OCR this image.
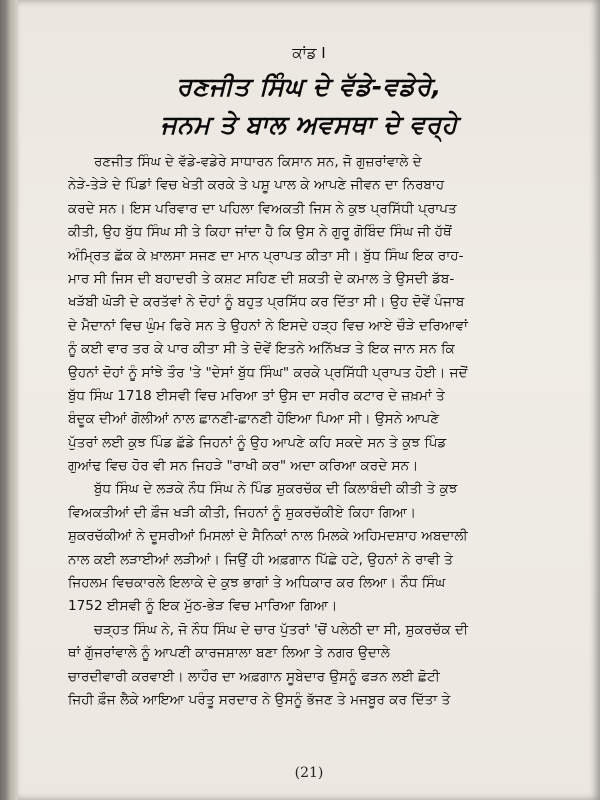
ਕਾਂਡ I
ਰਣਜੀਤ ਸਿੰਘ ਦੇ ਵੱਡੇ-ਵਡੇਰੇ,
ਜਨਮ ਤੇ ਬਾਲ ਅਵਸਥਾ ਦੇ ਵਰ੍ਹੇ
ਰਣਜੀਤ ਸਿੰਘ ਦੇ ਵੱਡੇ-ਵਡੇਰੇ ਸਾਧਾਰਨ ਕਿਸਾਨ ਸਨ, ਜੋ ਗੁਜ਼ਰਾਂਵਾਲੇ ਦੇ
ਨੇੜੇ-ਤੇੜੇ ਦੇ ਪਿੰਡਾਂ ਵਿਚ ਖੇਤੀ ਕਰਕੇ ਤੇ ਪਸ਼ੂ ਪਾਲ ਕੇ ਆਪਣੇ ਜੀਵਨ ਦਾ ਨਿਰਬਾਹ
ਕਰਦੇ ਸਨ। ਇਸ ਪਰਿਵਾਰ ਦਾ ਪਹਿਲਾ ਵਿਅਕਤੀ ਜਿਸ ਨੇ ਕੁਝ ਪ੍ਰਸਿੱਧੀ ਪ੍ਰਾਪਤ
ਕੀਤੀ, ਉਹ ਬੁੱਧ ਸਿੰਘ ਸੀ ਤੇ ਕਿਹਾ ਜਾਂਦਾ ਹੈ ਕਿ ਉਸ ਨੇ ਗੁਰੂ ਗੋਬਿੰਦ ਸਿੰਘ ਜੀ ਹੱਥੋਂ
ਅੰਮ੍ਰਿਤ ਛੱਕ ਕੇ ਖ਼ਾਲਸਾ ਸਜਣ ਦਾ ਮਾਨ ਪ੍ਰਾਪਤ ਕੀਤਾ ਸੀ। ਬੁੱਧ ਸਿੰਘ ਇਕ ਰਾਹ-
ਮਾਰ ਸੀ ਜਿਸ ਦੀ ਬਹਾਦਰੀ ਤੇ ਕਸ਼ਟ ਸਹਿਣ ਦੀ ਸ਼ਕਤੀ ਦੇ ਕਮਾਲ ਤੇ ਉਸਦੀ ਡੱਬ-
ਖੜੱਬੀ ਘੋੜੀ ਦੇ ਕਰਤੱਵਾਂ ਨੇ ਦੋਹਾਂ ਨੂੰ ਬਹੁਤ ਪ੍ਰਸਿੱਧ ਕਰ ਦਿੱਤਾ ਸੀ। ਉਹ ਦੋਵੇਂ ਪੰਜਾਬ
ਦੇ ਮੈਦਾਨਾਂ ਵਿਚ ਘੁੰਮ ਫਿਰੇ ਸਨ ਤੇ ਉਹਨਾਂ ਨੇ ਇਸਦੇ ਹੜ੍ਹ ਵਿਚ ਆਏ ਚੌੜੇ ਦਰਿਆਵਾਂ
ਨੂੰ ਕਈ ਵਾਰ ਤਰ ਕੇ ਪਾਰ ਕੀਤਾ ਸੀ ਤੇ ਦੋਵੇਂ ਇਤਨੇ ਅਨਿੱਖੜ ਤੇ ਇਕ ਜਾਨ ਸਨ ਕਿ
ਉਹਨਾਂ ਦੋਹਾਂ ਨੂੰ ਸਾਂਝੇ ਤੌਰ 'ਤੇ "ਦੇਸਾਂ ਬੁੱਧ ਸਿੰਘ" ਕਰਕੇ ਪ੍ਰਸਿੱਧੀ ਪ੍ਰਾਪਤ ਹੋਈ। ਜਦੋਂ
ਬੁੱਧ ਸਿੰਘ 1718 ਈਸਵੀ ਵਿਚ ਮਰਿਆ ਤਾਂ ਉਸ ਦਾ ਸਰੀਰ ਕਟਾਰ ਦੇ ਜ਼ਖ਼ਮਾਂ ਤੇ
ਬੰਦੂਕ ਦੀਆਂ ਗੋਲੀਆਂ ਨਾਲ ਛਾਨਣੀ-ਛਾਨਣੀ ਹੋਇਆ ਪਿਆ ਸੀ। ਉਸਨੇ ਆਪਣੇ
ਪੁੱਤਰਾਂ ਲਈ ਕੁਝ ਪਿੰਡ ਛੱਡੇ ਜਿਹਨਾਂ ਨੂੰ ਉਹ ਆਪਣੇ ਕਹਿ ਸਕਦੇ ਸਨ ਤੇ ਕੁਝ ਪਿੰਡ
ਗੁਆਂਢ ਵਿਚ ਹੋਰ ਵੀ ਸਨ ਜਿਹੜੇ "ਰਾਖੀ ਕਰ" ਅਦਾ ਕਰਿਆ ਕਰਦੇ ਸਨ।
ਬੁੱਧ ਸਿੰਘ ਦੇ ਲੜਕੇ ਨੌਧ ਸਿੰਘ ਨੇ ਪਿੰਡ ਸ਼ੁਕਰਚੱਕ ਦੀ ਕਿਲਾਬੰਦੀ ਕੀਤੀ ਤੇ ਕੁਝ
ਵਿਅਕਤੀਆਂ ਦੀ ਫ਼ੌਜ ਖੜੀ ਕੀਤੀ, ਜਿਹਨਾਂ ਨੂੰ ਸ਼ੁਕਰਚੱਕੀਏ ਕਿਹਾ ਗਿਆ।
ਸ਼ੁਕਰਚੱਕੀਆਂ ਨੇ ਦੂਸਰੀਆਂ ਮਿਸਲਾਂ ਦੇ ਸੈਨਿਕਾਂ ਨਾਲ ਮਿਲਕੇ ਅਹਿਮਦਸ਼ਾਹ ਅਬਦਾਲੀ
ਨਾਲ ਕਈ ਲੜਾਈਆਂ ਲੜੀਆਂ। ਜਿਉਂ ਹੀ ਅਫ਼ਗਾਨ ਪਿੱਛੇ ਹਟੇ, ਉਹਨਾਂ ਨੇ ਰਾਵੀ ਤੇ
ਜਿਹਲਮ ਵਿਚਕਾਰਲੇ ਇਲਾਕੇ ਦੇ ਕੁਝ ਭਾਗਾਂ ਤੇ ਅਧਿਕਾਰ ਕਰ ਲਿਆ। ਨੌਧ ਸਿੰਘ
1752 ਈਸਵੀ ਨੂੰ ਇਕ ਮੁੱਠ-ਭੇੜ ਵਿਚ ਮਾਰਿਆ ਗਿਆ।
ਚੜ੍ਹਤ ਸਿੰਘ ਨੇ, ਜੋ ਨੌਧ ਸਿੰਘ ਦੇ ਚਾਰ ਪੁੱਤਰਾਂ 'ਚੋਂ ਪਲੇਠੀ ਦਾ ਸੀ, ਸ਼ੁਕਰਚੱਕ ਦੀ
ਥਾਂ ਗੁੱਜਰਾਂਵਾਲੇ ਨੂੰ ਆਪਣੀ ਕਾਰਜਸ਼ਾਲਾ ਬਣਾ ਲਿਆ ਤੇ ਨਗਰ ਉਦਾਲੇ
ਚਾਰਦੀਵਾਰੀ ਕਰਵਾਈ। ਲਾਹੌਰ ਦਾ ਅਫ਼ਗਾਨ ਸੂਬੇਦਾਰ ਉਸਨੂੰ ਫੜਨ ਲਈ ਛੋਟੀ
ਜਿਹੀ ਫ਼ੌਜ ਲੈਕੇ ਆਇਆ ਪਰੰਤੂ ਸਰਦਾਰ ਨੇ ਉਸਨੂੰ ਭੱਜਣ ਤੇ ਮਜਬੂਰ ਕਰ ਦਿੱਤਾ ਤੇ
(21)
